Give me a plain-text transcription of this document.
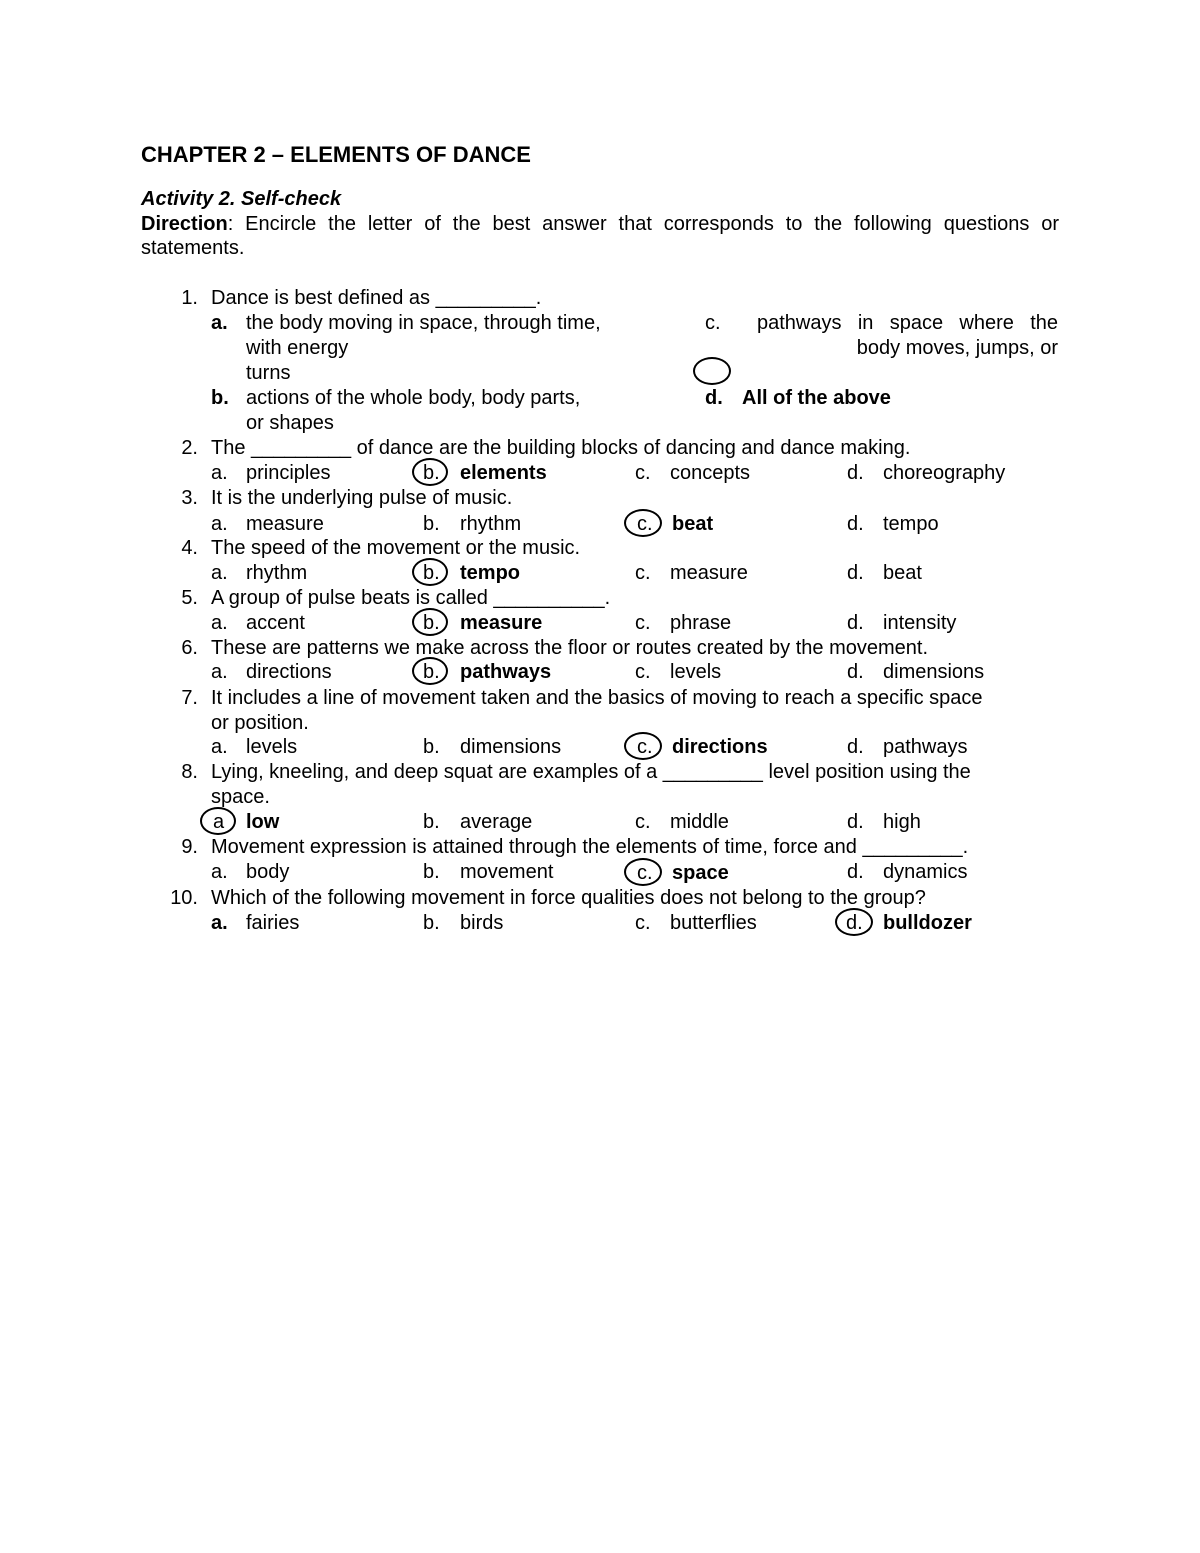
CHAPTER 2 – ELEMENTS OF DANCE
Activity 2. Self-check
Direction: Encircle the letter of the best answer that corresponds to the following questions or statements.
1. Dance is best defined as _________.
a. the body moving in space, through time,
with energy
turns
c. pathways in space where the
body moves, jumps, or
b. actions of the whole body, body parts,
or shapes
d. All of the above
2. The _________ of dance are the building blocks of dancing and dance making.
a. principles	b. elements	c. concepts	d. choreography
3. It is the underlying pulse of music.
a. measure	b. rhythm	c. beat	d. tempo
4. The speed of the movement or the music.
a. rhythm	b. tempo	c. measure	d. beat
5. A group of pulse beats is called __________.
a. accent	b. measure	c. phrase	d. intensity
6. These are patterns we make across the floor or routes created by the movement.
a. directions	b. pathways	c. levels	d. dimensions
7. It includes a line of movement taken and the basics of moving to reach a specific space
or position.
a. levels	b. dimensions	c. directions	d. pathways
8. Lying, kneeling, and deep squat are examples of a _________ level position using the
space.
a low	b. average	c. middle	d. high
9. Movement expression is attained through the elements of time, force and _________.
a. body	b. movement	c. space	d. dynamics
10. Which of the following movement in force qualities does not belong to the group?
a. fairies	b. birds	c. butterflies	d. bulldozer
